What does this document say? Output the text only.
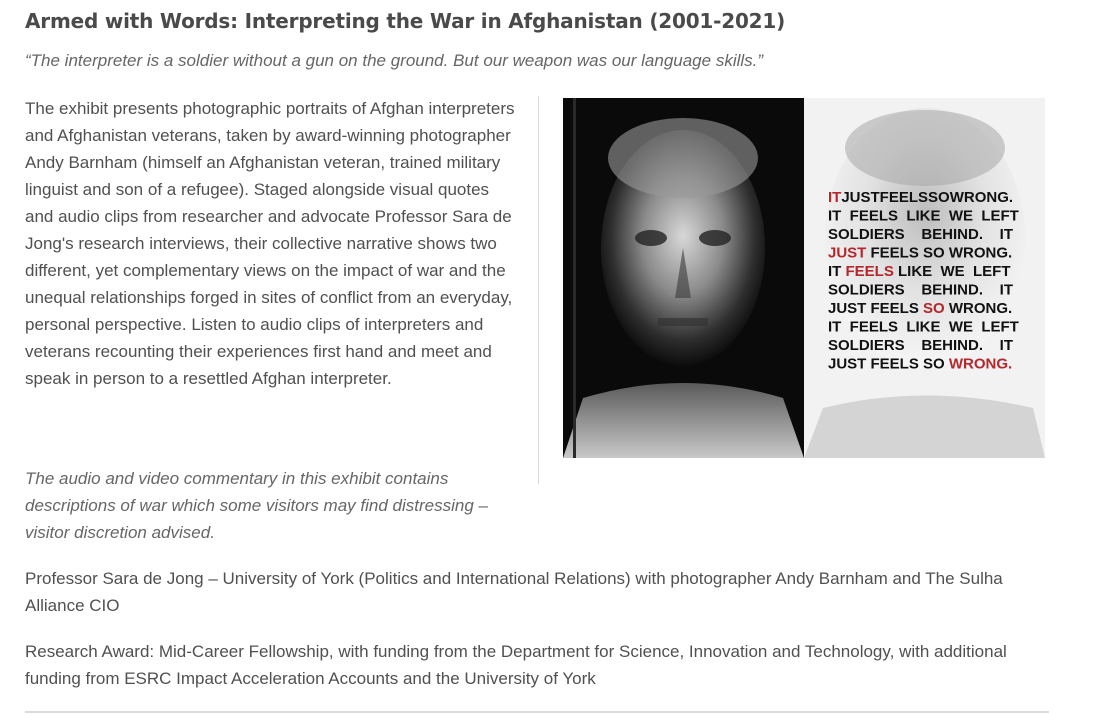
Armed with Words: Interpreting the War in Afghanistan (2001-2021)

“The interpreter is a soldier without a gun on the ground. But our weapon was our language skills.”

The exhibit presents photographic portraits of Afghan interpreters and Afghanistan veterans, taken by award-winning photographer Andy Barnham (himself an Afghanistan veteran, trained military linguist and son of a refugee). Staged alongside visual quotes and audio clips from researcher and advocate Professor Sara de Jong's research interviews, their collective narrative shows two different, yet complementary views on the impact of war and the unequal relationships forged in sites of conflict from an everyday, personal perspective. Listen to audio clips of interpreters and veterans recounting their experiences first hand and meet and speak in person to a resettled Afghan interpreter.

The audio and video commentary in this exhibit contains descriptions of war which some visitors may find distressing – visitor discretion advised.

ITJUSTFEELSSOWRONG.
IT  FEELS  LIKE  WE  LEFT
SOLDIERS    BEHIND.    IT
JUST FEELS SO WRONG.
IT FEELS LIKE  WE  LEFT
SOLDIERS    BEHIND.    IT
JUST FEELS SO WRONG.
IT  FEELS  LIKE  WE  LEFT
SOLDIERS    BEHIND.    IT
JUST FEELS SO WRONG.

Professor Sara de Jong – University of York (Politics and International Relations) with photographer Andy Barnham and The Sulha Alliance CIO

Research Award: Mid-Career Fellowship, with funding from the Department for Science, Innovation and Technology, with additional funding from ESRC Impact Acceleration Accounts and the University of York
